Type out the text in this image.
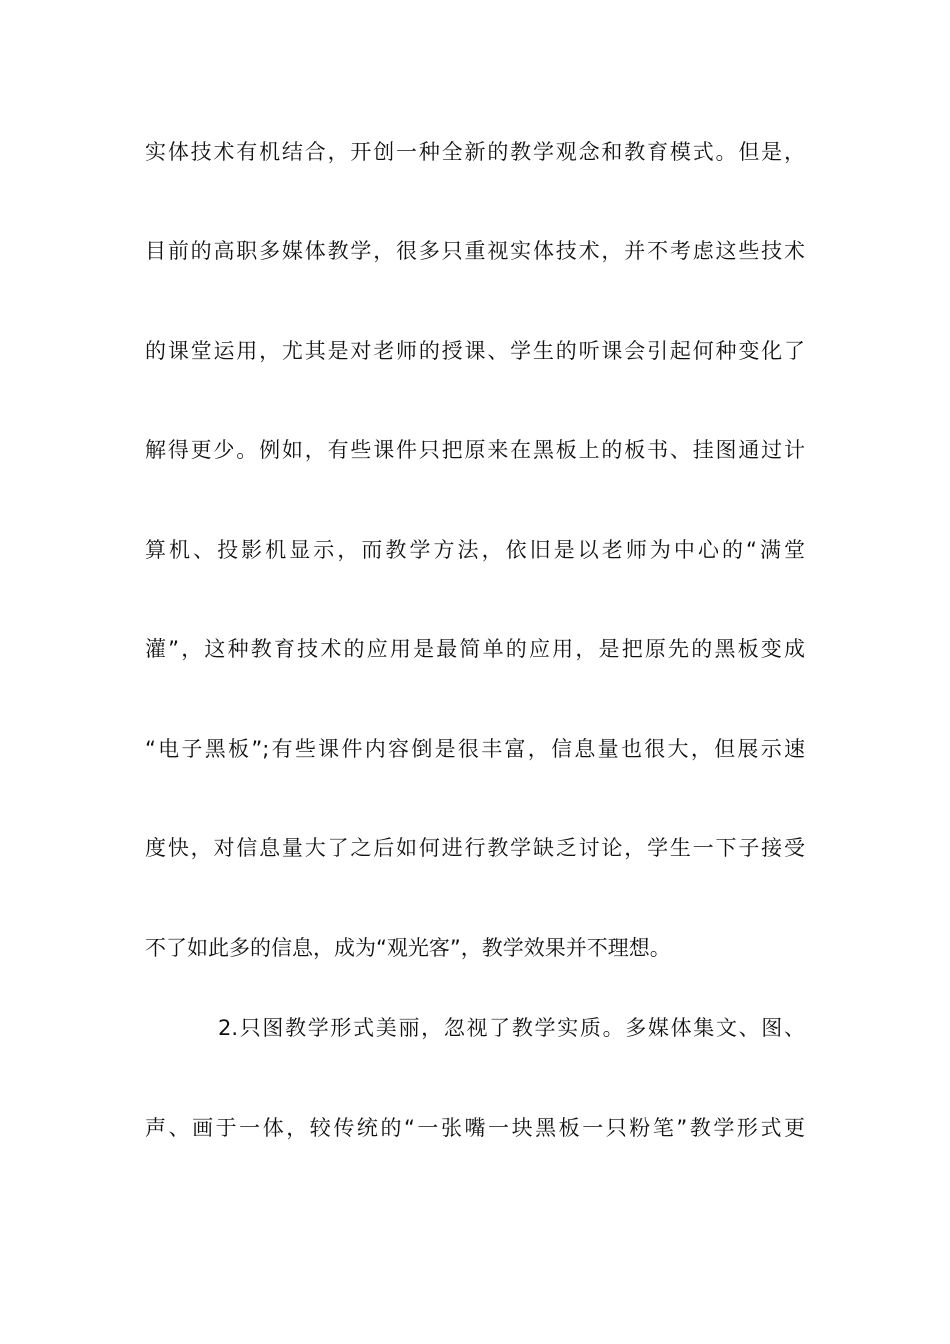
实体技术有机结合，开创一种全新的教学观念和教育模式。但是，
目前的高职多媒体教学，很多只重视实体技术，并不考虑这些技术
的课堂运用，尤其是对老师的授课、学生的听课会引起何种变化了
解得更少。例如，有些课件只把原来在黑板上的板书、挂图通过计
算机、投影机显示，而教学方法，依旧是以老师为中心的“满堂
灌”，这种教育技术的应用是最简单的应用，是把原先的黑板变成
“电子黑板”;有些课件内容倒是很丰富，信息量也很大，但展示速
度快，对信息量大了之后如何进行教学缺乏讨论，学生一下子接受
不了如此多的信息，成为“观光客”，教学效果并不理想。
2.只图教学形式美丽，忽视了教学实质。多媒体集文、图、
声、画于一体，较传统的“一张嘴一块黑板一只粉笔”教学形式更
